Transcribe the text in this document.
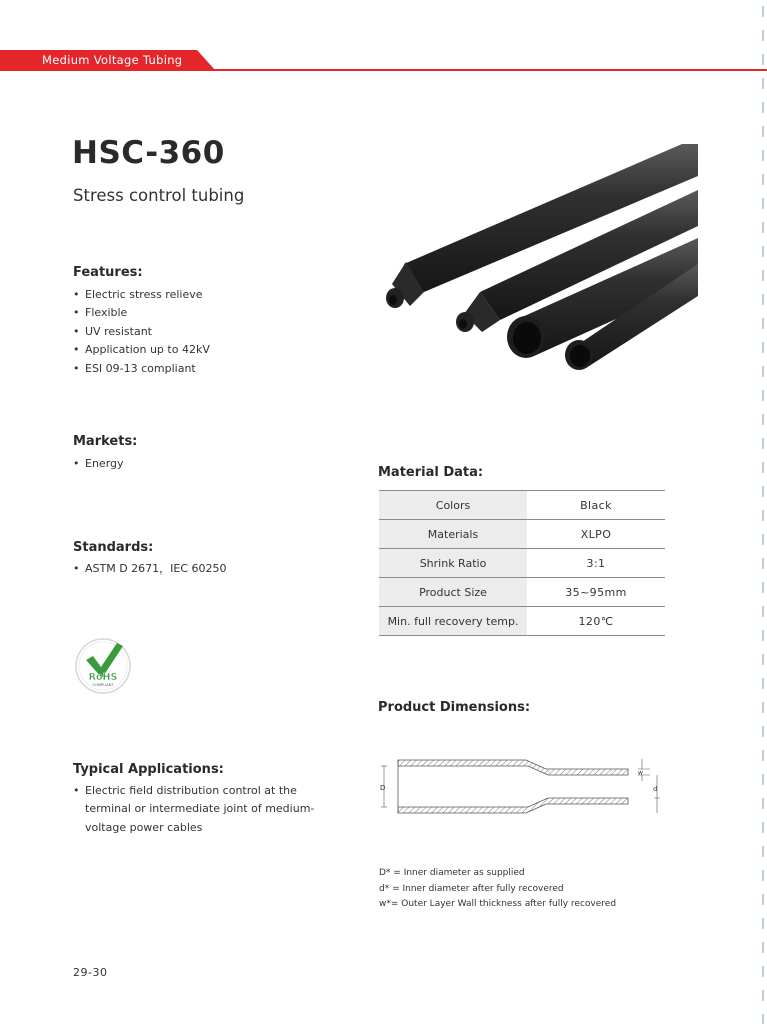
Medium Voltage Tubing
HSC-360
Stress control tubing
Features:
• Electric stress relieve
• Flexible
• UV resistant
• Application up to 42kV
• ESI 09-13 compliant
Markets:
• Energy
Standards:
• ASTM D 2671，IEC 60250
RoHS
COMPLIANT
Typical Applications:
• Electric field distribution control at the
terminal or intermediate joint of medium-
voltage power cables
Material Data:
Colors	Black
Materials	XLPO
Shrink Ratio	3:1
Product Size	35~95mm
Min. full recovery temp.	120℃
Product Dimensions:
D
w
d
D* = Inner diameter as supplied
d* = Inner diameter after fully recovered
w*= Outer Layer Wall thickness after fully recovered
29-30
